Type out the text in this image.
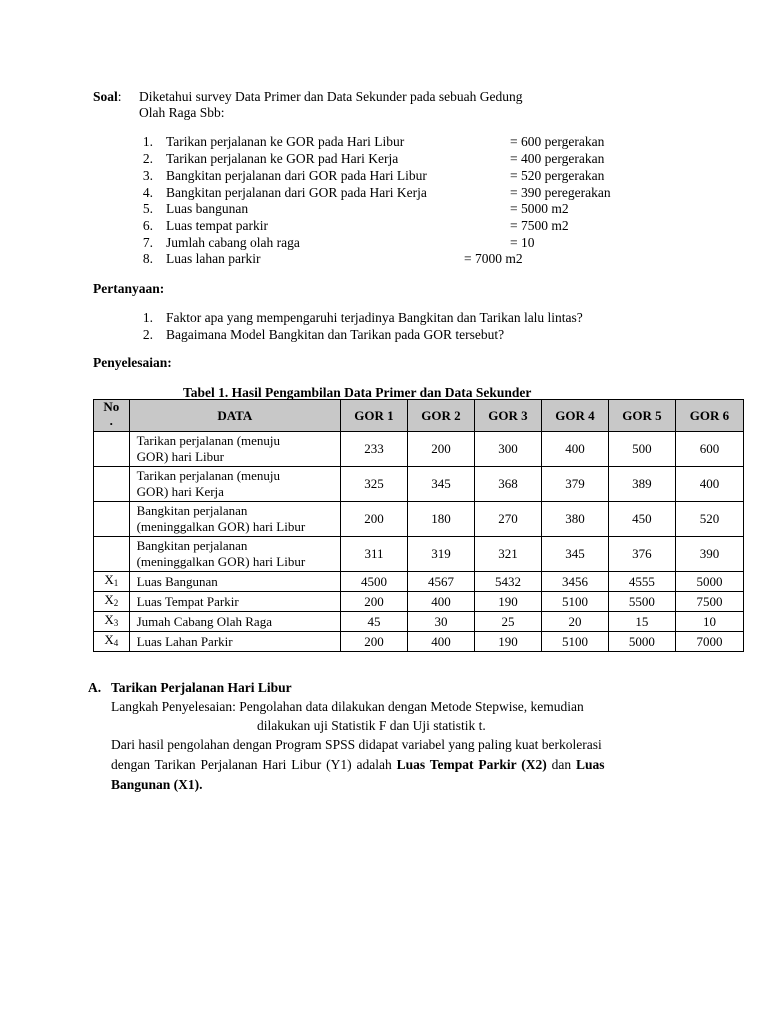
Soal: Diketahui survey Data Primer dan Data Sekunder pada sebuah Gedung
Olah Raga Sbb:
1. Tarikan perjalanan ke GOR pada Hari Libur	= 600 pergerakan
2. Tarikan perjalanan ke GOR pad Hari Kerja	= 400 pergerakan
3. Bangkitan perjalanan dari GOR pada Hari Libur	= 520 pergerakan
4. Bangkitan perjalanan dari GOR pada Hari Kerja	= 390 peregerakan
5. Luas bangunan	= 5000 m2
6. Luas tempat parkir	= 7500 m2
7. Jumlah cabang olah raga	= 10
8. Luas lahan parkir	= 7000 m2
Pertanyaan:
1. Faktor apa yang mempengaruhi terjadinya Bangkitan dan Tarikan lalu lintas?
2. Bagaimana Model Bangkitan dan Tarikan pada GOR tersebut?
Penyelesaian:
Tabel 1. Hasil Pengambilan Data Primer dan Data Sekunder
No
.	DATA	GOR 1	GOR 2	GOR 3	GOR 4	GOR 5	GOR 6
	Tarikan perjalanan (menuju
GOR) hari Libur	233	200	300	400	500	600
	Tarikan perjalanan (menuju
GOR) hari Kerja	325	345	368	379	389	400
	Bangkitan perjalanan
(meninggalkan GOR) hari Libur	200	180	270	380	450	520
	Bangkitan perjalanan
(meninggalkan GOR) hari Libur	311	319	321	345	376	390
$X_1$	Luas Bangunan	4500	4567	5432	3456	4555	5000
$X_2$	Luas Tempat Parkir	200	400	190	5100	5500	7500
$X_3$	Jumah Cabang Olah Raga	45	30	25	20	15	10
$X_4$	Luas Lahan Parkir	200	400	190	5100	5000	7000
A. Tarikan Perjalanan Hari Libur
Langkah Penyelesaian: Pengolahan data dilakukan dengan Metode Stepwise, kemudian
dilakukan uji Statistik F dan Uji statistik t.
Dari hasil pengolahan dengan Program SPSS didapat variabel yang paling kuat berkolerasi
dengan Tarikan Perjalanan Hari Libur (Y1) adalah Luas Tempat Parkir (X2) dan Luas
Bangunan (X1).
